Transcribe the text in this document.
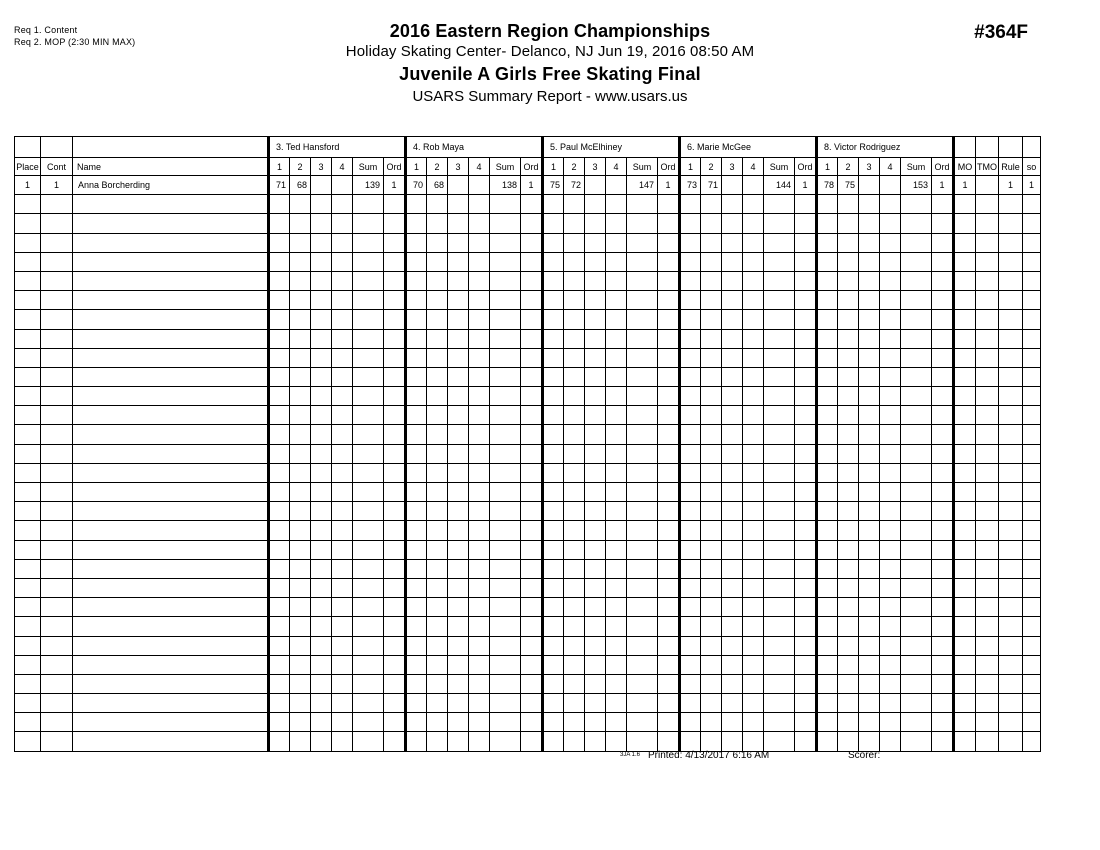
Req 1. Content
Req 2. MOP (2:30 MIN MAX)
2016 Eastern Region Championships
Holiday Skating Center- Delanco, NJ Jun 19, 2016 08:50 AM
Juvenile A Girls Free Skating Final
USARS Summary Report - www.usars.us
#364F
			3. Ted Hansford						4. Rob Maya						5. Paul McElhiney						6. Marie McGee						8. Victor Rodriguez									
Place	Cont	Name	1	2	3	4	Sum	Ord	1	2	3	4	Sum	Ord	1	2	3	4	Sum	Ord	1	2	3	4	Sum	Ord	1	2	3	4	Sum	Ord	MO	TMO	Rule	so
1	1	Anna Borcherding	71	68			139	1	70	68			138	1	75	72			147	1	73	71			144	1	78	75			153	1	1		1	1

3JA 1.6 Printed: 4/13/2017 6:16 AM	Scorer:
